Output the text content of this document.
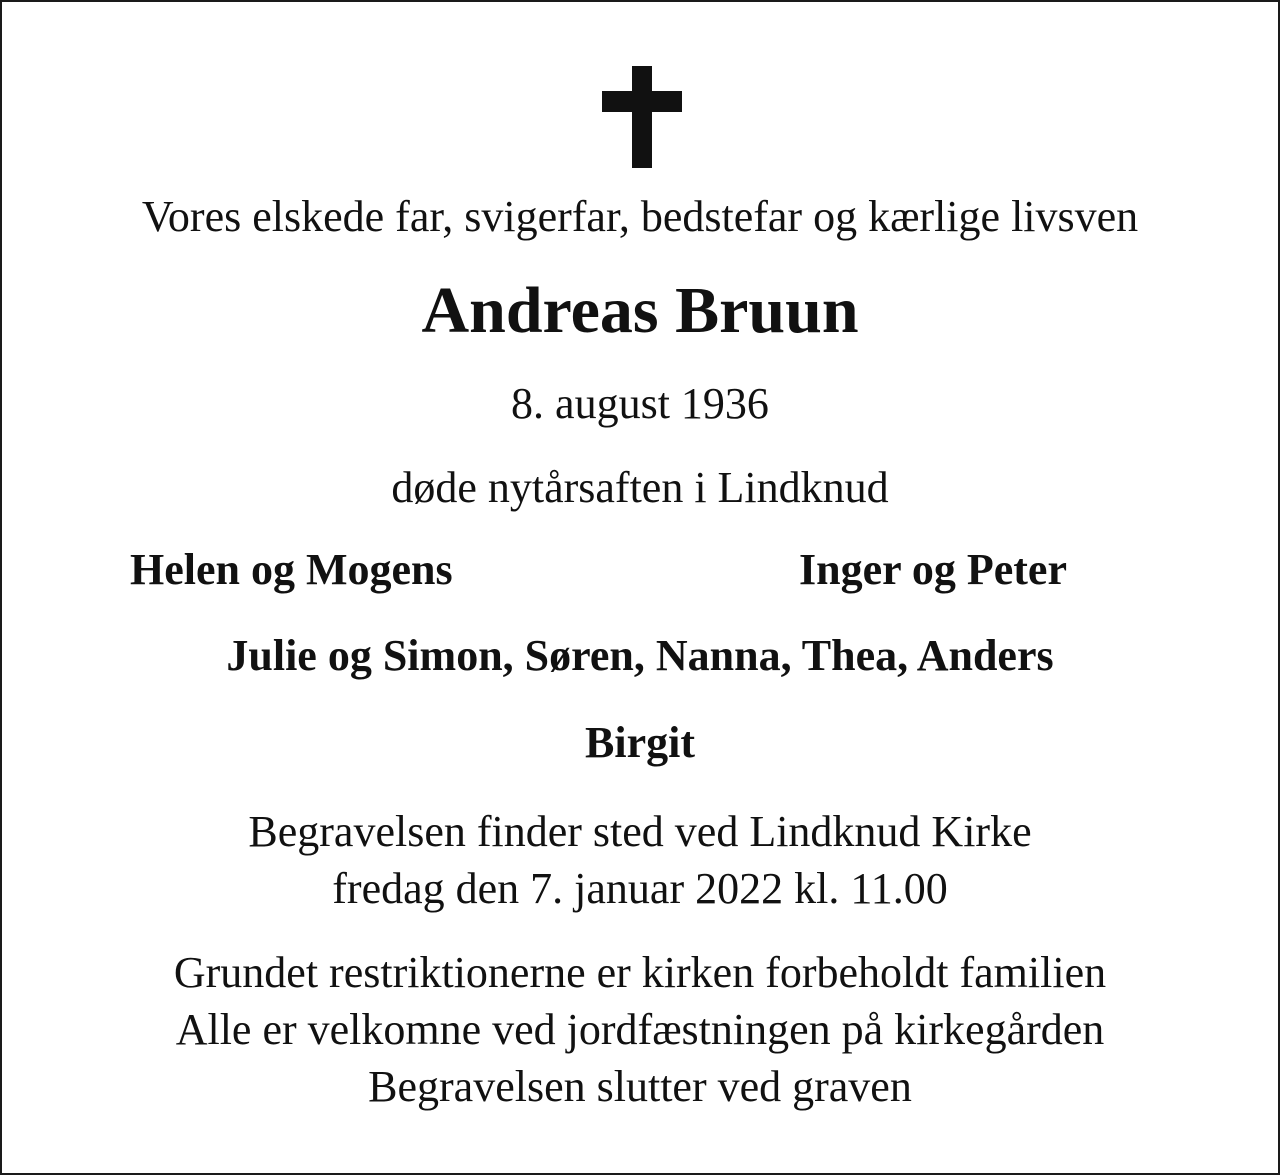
Vores elskede far, svigerfar, bedstefar og kærlige livsven
Andreas Bruun
8. august 1936
døde nytårsaften i Lindknud
Helen og Mogens	Inger og Peter
Julie og Simon, Søren, Nanna, Thea, Anders
Birgit
Begravelsen finder sted ved Lindknud Kirke
fredag den 7. januar 2022 kl. 11.00
Grundet restriktionerne er kirken forbeholdt familien
Alle er velkomne ved jordfæstningen på kirkegården
Begravelsen slutter ved graven
